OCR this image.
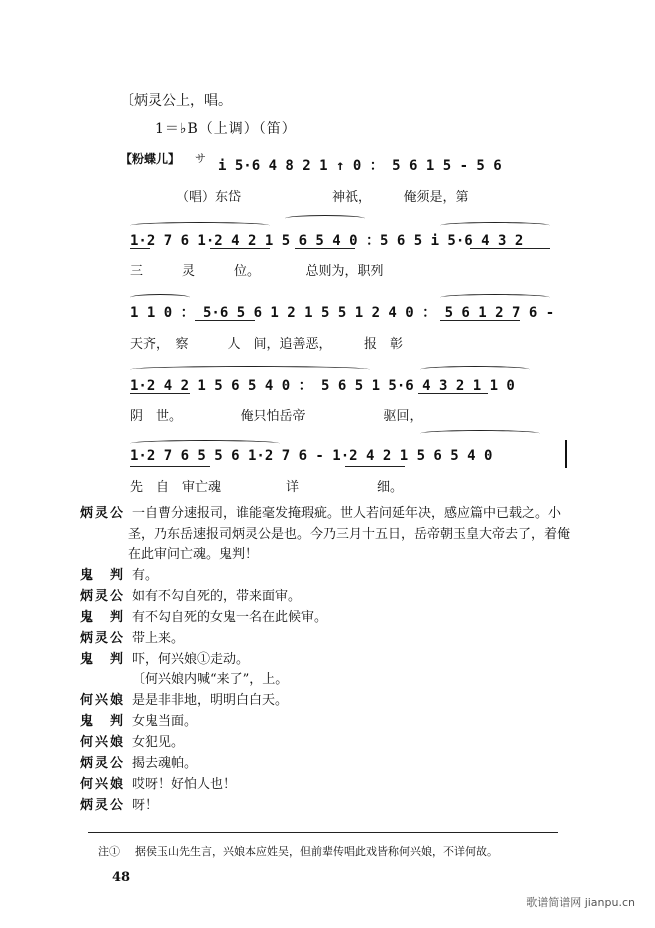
〔炳灵公上，唱。
1＝♭B（上调）（笛）
【粉蝶儿】 サ i 5·6 4 8 2 1 ↑ 0 ： 5 6 1 5 - 5 6
（唱）东岱　　　　　　　神祇，　　　俺须是，第
1·2 7 6 1·2 4 2 1 5 6 5 4 0 ：5 6 5 i 5·6 4 3 2
三　　　灵　　　位。　　　　总则为，职列
1 1 0 ： 5·6 5 6 1 2 1 5 5 1 2 4 0 ： 5 6 1 2 7 6 -
天齐，　察　　　人　间，追善恶，　　　报　彰
1·2 4 2 1 5 6 5 4 0 ： 5 6 5 1 5·6 4 3 2 1 1 0
阴　世。　　　　　俺只怕岳帝　　　　　　驱回，
1·2 7 6 5 5 6 1·2 7 6 - 1·2 4 2 1 5 6 5 4 0
先　自　审亡魂　　　　　详　　　　　　细。
炳灵公 一自曹分速报司，谁能毫发掩瑕疵。世人若问延年决，感应篇中已载之。小
圣，乃东岳速报司炳灵公是也。今乃三月十五日，岳帝朝玉皇大帝去了，着俺
在此审问亡魂。鬼判！
鬼　判 有。
炳灵公 如有不勾自死的，带来面审。
鬼　判 有不勾自死的女鬼一名在此候审。
炳灵公 带上来。
鬼　判 吓，何兴娘①走动。
〔何兴娘内喊“来了”，上。
何兴娘 是是非非地，明明白白天。
鬼　判 女鬼当面。
何兴娘 女犯见。
炳灵公 揭去魂帕。
何兴娘 哎呀！好怕人也！
炳灵公 呀！
注① 据侯玉山先生言，兴娘本应姓吴，但前辈传唱此戏皆称何兴娘，不详何故。
48
歌谱简谱网 jianpu.cn
